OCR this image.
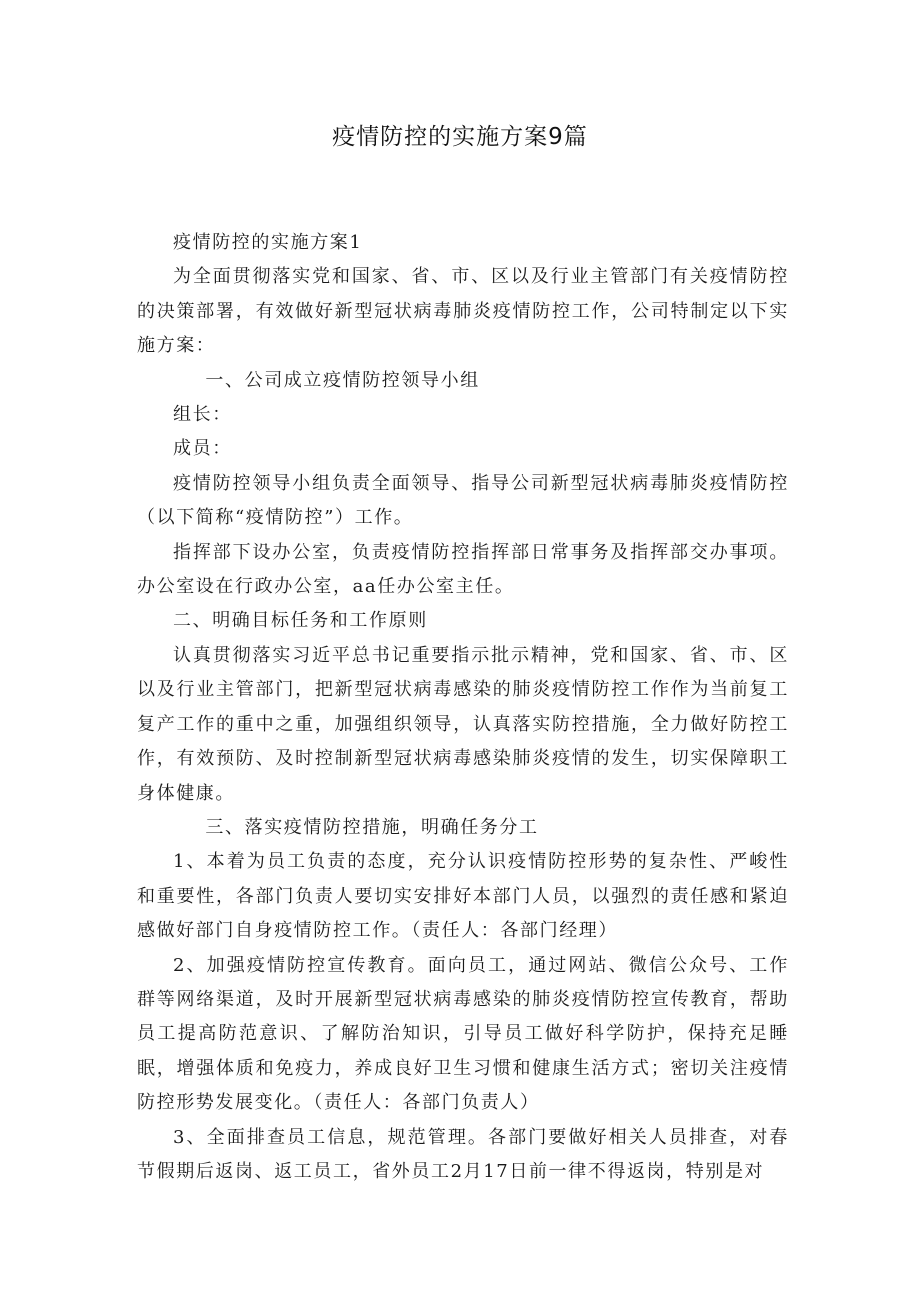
疫情防控的实施方案9篇

疫情防控的实施方案1

为全面贯彻落实党和国家、省、市、区以及行业主管部门有关疫情防控的决策部署，有效做好新型冠状病毒肺炎疫情防控工作，公司特制定以下实施方案：

一、公司成立疫情防控领导小组

组长：

成员：

疫情防控领导小组负责全面领导、指导公司新型冠状病毒肺炎疫情防控（以下简称“疫情防控”）工作。

指挥部下设办公室，负责疫情防控指挥部日常事务及指挥部交办事项。办公室设在行政办公室，aa任办公室主任。

二、明确目标任务和工作原则

认真贯彻落实习近平总书记重要指示批示精神，党和国家、省、市、区以及行业主管部门，把新型冠状病毒感染的肺炎疫情防控工作作为当前复工复产工作的重中之重，加强组织领导，认真落实防控措施，全力做好防控工作，有效预防、及时控制新型冠状病毒感染肺炎疫情的发生，切实保障职工身体健康。

三、落实疫情防控措施，明确任务分工

1、本着为员工负责的态度，充分认识疫情防控形势的复杂性、严峻性和重要性，各部门负责人要切实安排好本部门人员，以强烈的责任感和紧迫感做好部门自身疫情防控工作。（责任人：各部门经理）

2、加强疫情防控宣传教育。面向员工，通过网站、微信公众号、工作群等网络渠道，及时开展新型冠状病毒感染的肺炎疫情防控宣传教育，帮助员工提高防范意识、了解防治知识，引导员工做好科学防护，保持充足睡眠，增强体质和免疫力，养成良好卫生习惯和健康生活方式；密切关注疫情防控形势发展变化。（责任人：各部门负责人）

3、全面排查员工信息，规范管理。各部门要做好相关人员排查，对春节假期后返岗、返工员工，省外员工2月17日前一律不得返岗，特别是对
